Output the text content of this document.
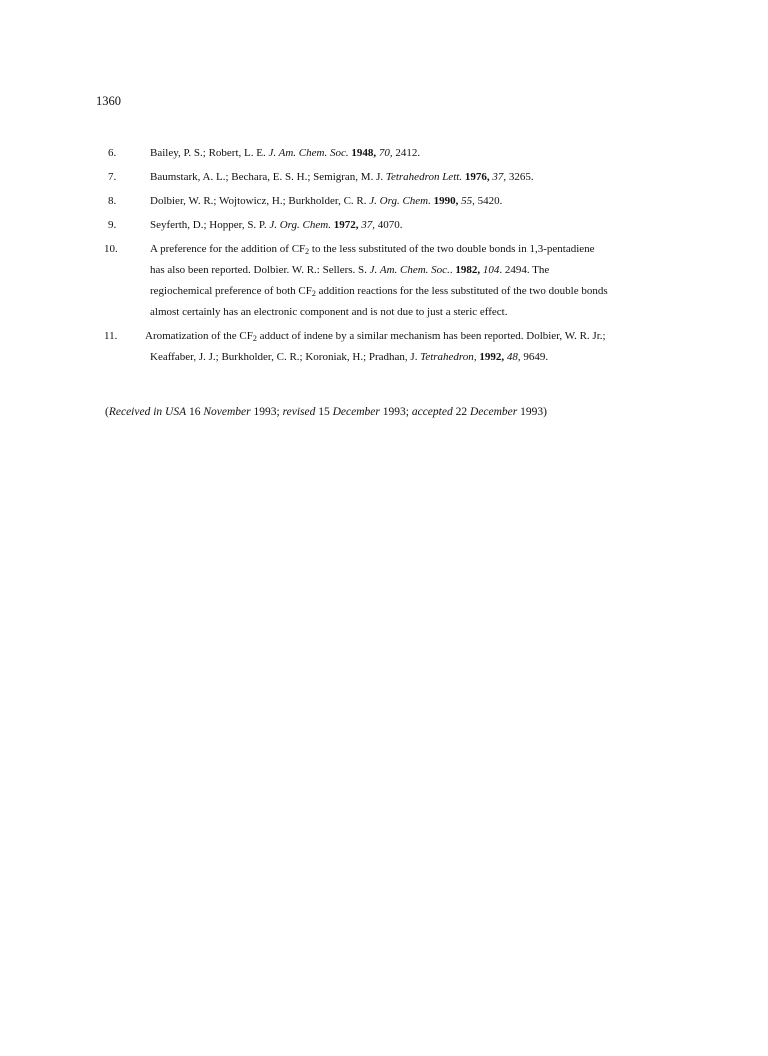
1360
6.	Bailey, P. S.; Robert, L. E. J. Am. Chem. Soc. 1948, 70, 2412.
7.	Baumstark, A. L.; Bechara, E. S. H.; Semigran, M. J. Tetrahedron Lett. 1976, 37, 3265.
8.	Dolbier, W. R.; Wojtowicz, H.; Burkholder, C. R. J. Org. Chem. 1990, 55, 5420.
9.	Seyferth, D.; Hopper, S. P. J. Org. Chem. 1972, 37, 4070.
10.	A preference for the addition of $CF_2$ to the less substituted of the two double bonds in 1,3-pentadiene
has also been reported. Dolbier. W. R.: Sellers. S. J. Am. Chem. Soc.. 1982, 104. 2494. The
regiochemical preference of both $CF_2$ addition reactions for the less substituted of the two double bonds
almost certainly has an electronic component and is not due to just a steric effect.
11.	Aromatization of the $CF_2$ adduct of indene by a similar mechanism has been reported. Dolbier, W. R. Jr.;
Keaffaber, J. J.; Burkholder, C. R.; Koroniak, H.; Pradhan, J. Tetrahedron, 1992, 48, 9649.
(Received in USA 16 November 1993; revised 15 December 1993; accepted 22 December 1993)
